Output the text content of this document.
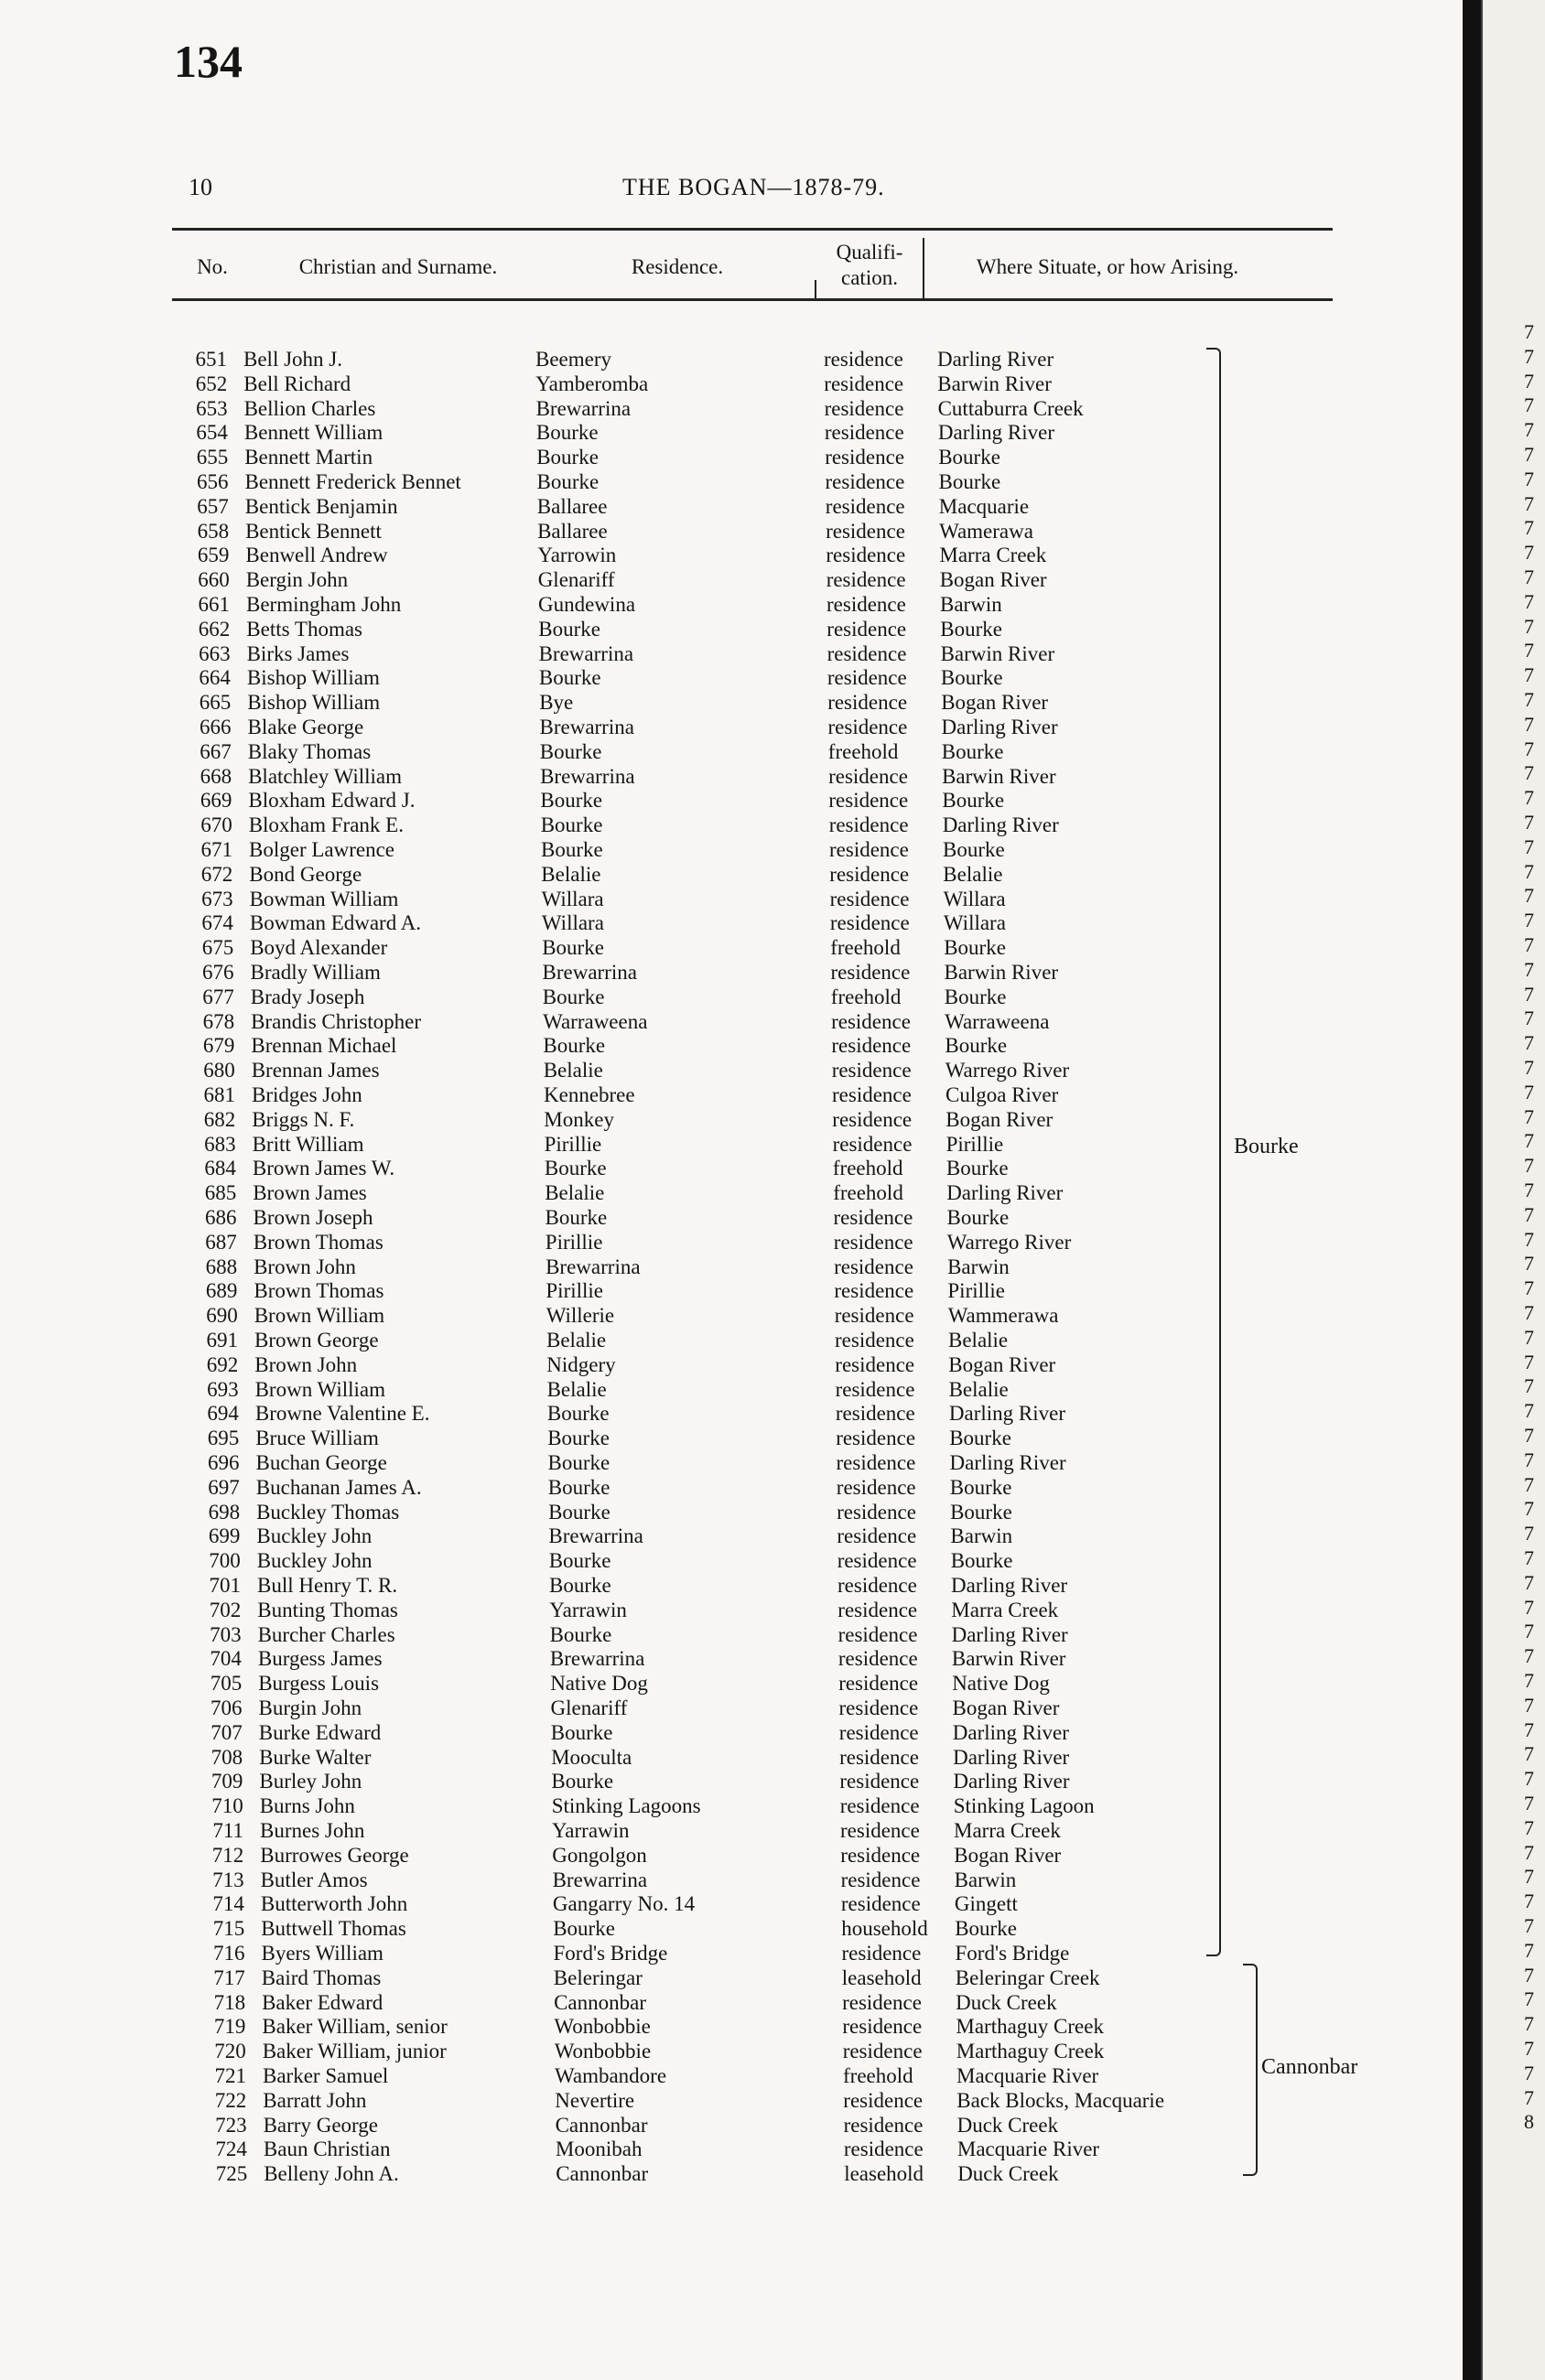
134
10	THE BOGAN—1878-79.
No.	Christian and Surname.	Residence.
Qualifi-
cation.	Where Situate, or how Arising.
651 Bell John J.	Beemery	residence Darling River
652 Bell Richard	Yamberomba	residence Barwin River
653 Bellion Charles	Brewarrina	residence Cuttaburra Creek
654 Bennett William	Bourke	residence Darling River
655 Bennett Martin	Bourke	residence Bourke
656 Bennett Frederick Bennet	Bourke	residence Bourke
657 Bentick Benjamin	Ballaree	residence Macquarie
658 Bentick Bennett	Ballaree	residence Wamerawa
659 Benwell Andrew	Yarrowin	residence Marra Creek
660 Bergin John	Glenariff	residence Bogan River
661 Bermingham John	Gundewina	residence Barwin
662 Betts Thomas	Bourke	residence Bourke
663 Birks James	Brewarrina	residence Barwin River
664 Bishop William	Bourke	residence Bourke
665 Bishop William	Bye	residence Bogan River
666 Blake George	Brewarrina	residence Darling River
667 Blaky Thomas	Bourke	freehold Bourke
668 Blatchley William	Brewarrina	residence Barwin River
669 Bloxham Edward J.	Bourke	residence Bourke
670 Bloxham Frank E.	Bourke	residence Darling River
671 Bolger Lawrence	Bourke	residence Bourke
672 Bond George	Belalie	residence Belalie
673 Bowman William	Willara	residence Willara
674 Bowman Edward A.	Willara	residence Willara
675 Boyd Alexander	Bourke	freehold Bourke
676 Bradly William	Brewarrina	residence Barwin River
677 Brady Joseph	Bourke	freehold Bourke
678 Brandis Christopher	Warraweena	residence Warraweena
679 Brennan Michael	Bourke	residence Bourke
680 Brennan James	Belalie	residence Warrego River
681 Bridges John	Kennebree	residence Culgoa River
682 Briggs N. F.	Monkey	residence Bogan River
683 Britt William	Pirillie	residence Pirillie
684 Brown James W.	Bourke	freehold Bourke
685 Brown James	Belalie	freehold Darling River
686 Brown Joseph	Bourke	residence Bourke
687 Brown Thomas	Pirillie	residence Warrego River
688 Brown John	Brewarrina	residence Barwin
689 Brown Thomas	Pirillie	residence Pirillie
690 Brown William	Willerie	residence Wammerawa
691 Brown George	Belalie	residence Belalie
692 Brown John	Nidgery	residence Bogan River
693 Brown William	Belalie	residence Belalie
694 Browne Valentine E.	Bourke	residence Darling River
695 Bruce William	Bourke	residence Bourke
696 Buchan George	Bourke	residence Darling River
697 Buchanan James A.	Bourke	residence Bourke
698 Buckley Thomas	Bourke	residence Bourke
699 Buckley John	Brewarrina	residence Barwin
700 Buckley John	Bourke	residence Bourke
701 Bull Henry T. R.	Bourke	residence Darling River
702 Bunting Thomas	Yarrawin	residence Marra Creek
703 Burcher Charles	Bourke	residence Darling River
704 Burgess James	Brewarrina	residence Barwin River
705 Burgess Louis	Native Dog	residence Native Dog
706 Burgin John	Glenariff	residence Bogan River
707 Burke Edward	Bourke	residence Darling River
708 Burke Walter	Mooculta	residence Darling River
709 Burley John	Bourke	residence Darling River
710 Burns John	Stinking Lagoons	residence Stinking Lagoon
711 Burnes John	Yarrawin	residence Marra Creek
712 Burrowes George	Gongolgon	residence Bogan River
713 Butler Amos	Brewarrina	residence Barwin
714 Butterworth John	Gangarry No. 14	residence Gingett
715 Buttwell Thomas	Bourke	household Bourke
716 Byers William	Ford's Bridge	residence Ford's Bridge
717 Baird Thomas	Beleringar	leasehold Beleringar Creek
718 Baker Edward	Cannonbar	residence Duck Creek
719 Baker William, senior	Wonbobbie	residence Marthaguy Creek
720 Baker William, junior	Wonbobbie	residence Marthaguy Creek
721 Barker Samuel	Wambandore	freehold Macquarie River
722 Barratt John	Nevertire	residence Back Blocks, Macquarie
723 Barry George	Cannonbar	residence Duck Creek
724 Baun Christian	Moonibah	residence Macquarie River
725 Belleny John A.	Cannonbar	leasehold Duck Creek
Bourke
Cannonbar
7
7
7
7
7
7
7
7
7
7
7
7
7
7
7
7
7
7
7
7
7
7
7
7
7
7
7
7
7
7
7
7
7
7
7
7
7
7
7
7
7
7
7
7
7
7
7
7
7
7
7
7
7
7
7
7
7
7
7
7
7
7
7
7
7
7
7
7
7
7
7
7
7
8
